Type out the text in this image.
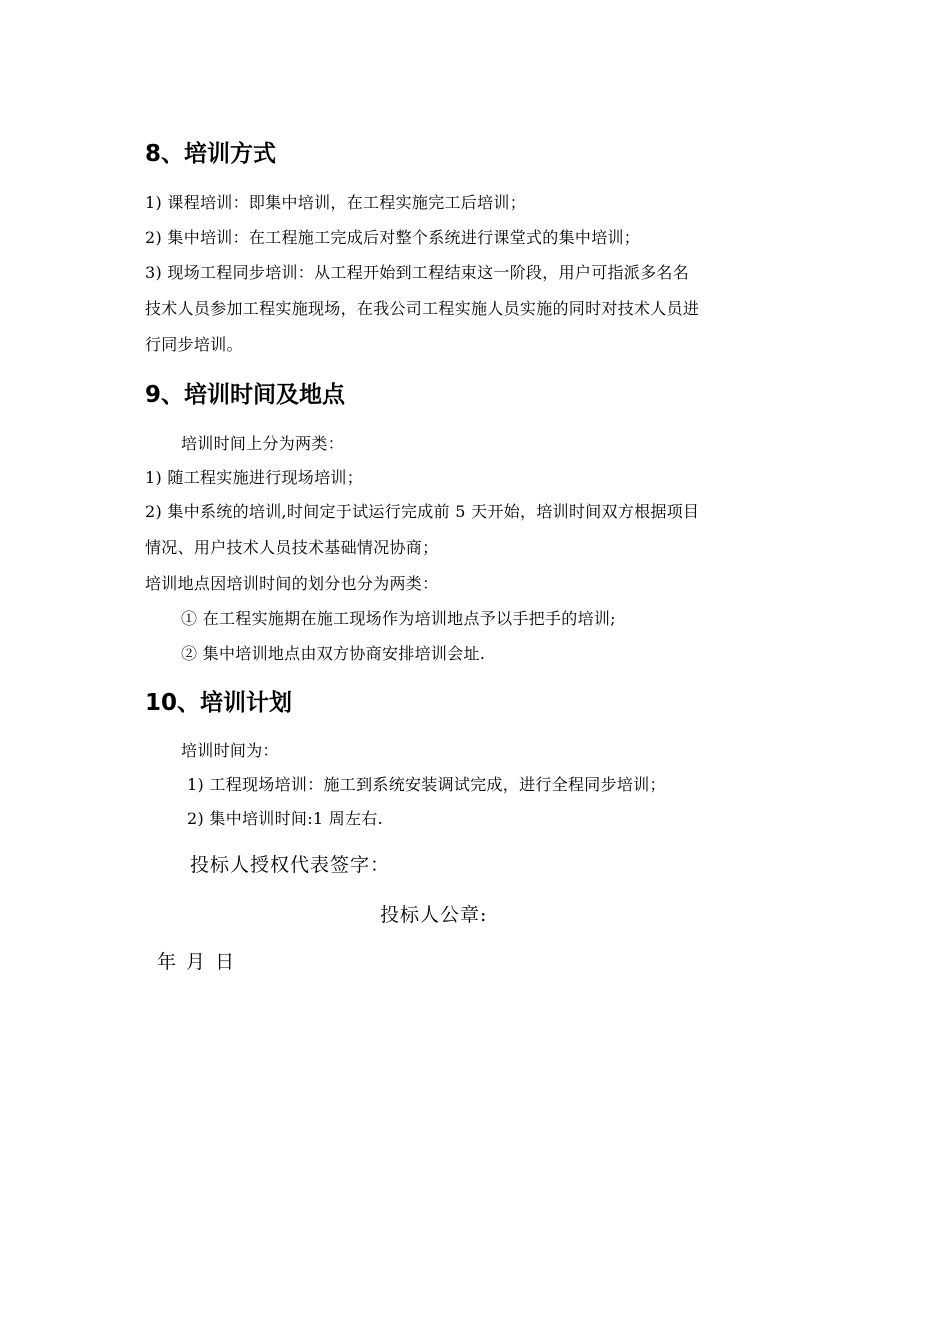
8、培训方式
1) 课程培训：即集中培训，在工程实施完工后培训；
2) 集中培训：在工程施工完成后对整个系统进行课堂式的集中培训；
3) 现场工程同步培训：从工程开始到工程结束这一阶段，用户可指派多名名
技术人员参加工程实施现场，在我公司工程实施人员实施的同时对技术人员进
行同步培训。
9、培训时间及地点
培训时间上分为两类：
1) 随工程实施进行现场培训；
2) 集中系统的培训,时间定于试运行完成前 5 天开始，培训时间双方根据项目
情况、用户技术人员技术基础情况协商；
培训地点因培训时间的划分也分为两类：
① 在工程实施期在施工现场作为培训地点予以手把手的培训;
② 集中培训地点由双方协商安排培训会址.
10、培训计划
培训时间为：
1) 工程现场培训：施工到系统安装调试完成，进行全程同步培训；
2) 集中培训时间:1 周左右.
投标人授权代表签字：
投标人公章:
年 月 日
